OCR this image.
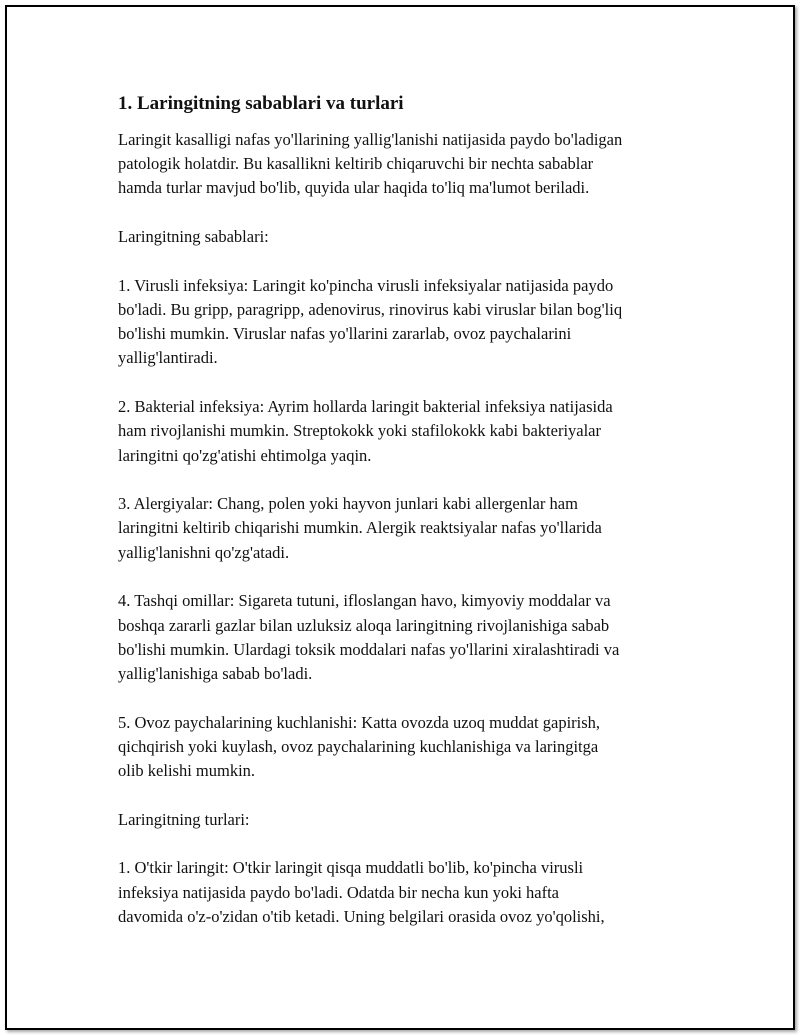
1. Laringitning sabablari va turlari

Laringit kasalligi nafas yo'llarining yallig'lanishi natijasida paydo bo'ladigan
patologik holatdir. Bu kasallikni keltirib chiqaruvchi bir nechta sabablar
hamda turlar mavjud bo'lib, quyida ular haqida to'liq ma'lumot beriladi.

Laringitning sabablari:

1. Virusli infeksiya: Laringit ko'pincha virusli infeksiyalar natijasida paydo
bo'ladi. Bu gripp, paragripp, adenovirus, rinovirus kabi viruslar bilan bog'liq
bo'lishi mumkin. Viruslar nafas yo'llarini zararlab, ovoz paychalarini
yallig'lantiradi.

2. Bakterial infeksiya: Ayrim hollarda laringit bakterial infeksiya natijasida
ham rivojlanishi mumkin. Streptokokk yoki stafilokokk kabi bakteriyalar
laringitni qo'zg'atishi ehtimolga yaqin.

3. Alergiyalar: Chang, polen yoki hayvon junlari kabi allergenlar ham
laringitni keltirib chiqarishi mumkin. Alergik reaktsiyalar nafas yo'llarida
yallig'lanishni qo'zg'atadi.

4. Tashqi omillar: Sigareta tutuni, ifloslangan havo, kimyoviy moddalar va
boshqa zararli gazlar bilan uzluksiz aloqa laringitning rivojlanishiga sabab
bo'lishi mumkin. Ulardagi toksik moddalari nafas yo'llarini xiralashtiradi va
yallig'lanishiga sabab bo'ladi.

5. Ovoz paychalarining kuchlanishi: Katta ovozda uzoq muddat gapirish,
qichqirish yoki kuylash, ovoz paychalarining kuchlanishiga va laringitga
olib kelishi mumkin.

Laringitning turlari:

1. O'tkir laringit: O'tkir laringit qisqa muddatli bo'lib, ko'pincha virusli
infeksiya natijasida paydo bo'ladi. Odatda bir necha kun yoki hafta
davomida o'z-o'zidan o'tib ketadi. Uning belgilari orasida ovoz yo'qolishi,
